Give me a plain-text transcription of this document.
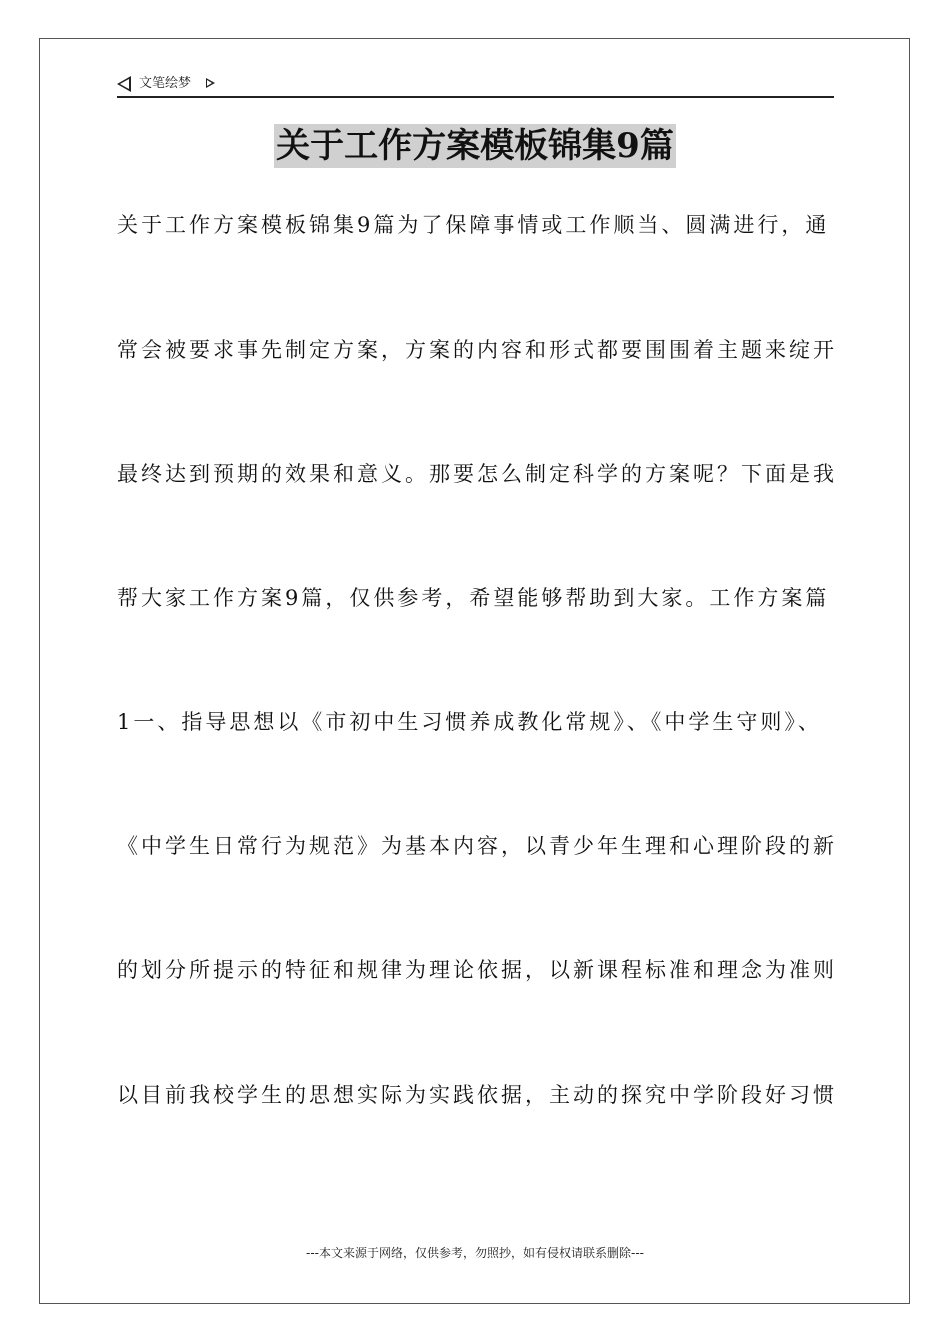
文笔绘梦
关于工作方案模板锦集9篇
关于工作方案模板锦集9篇为了保障事情或工作顺当、圆满进行，通
常会被要求事先制定方案，方案的内容和形式都要围围着主题来绽开
最终达到预期的效果和意义。那要怎么制定科学的方案呢？下面是我
帮大家工作方案9篇，仅供参考，希望能够帮助到大家。工作方案篇
1一、指导思想以《市初中生习惯养成教化常规》、《中学生守则》、
《中学生日常行为规范》为基本内容，以青少年生理和心理阶段的新
的划分所提示的特征和规律为理论依据，以新课程标准和理念为准则
以目前我校学生的思想实际为实践依据，主动的探究中学阶段好习惯
---本文来源于网络，仅供参考，勿照抄，如有侵权请联系删除---
